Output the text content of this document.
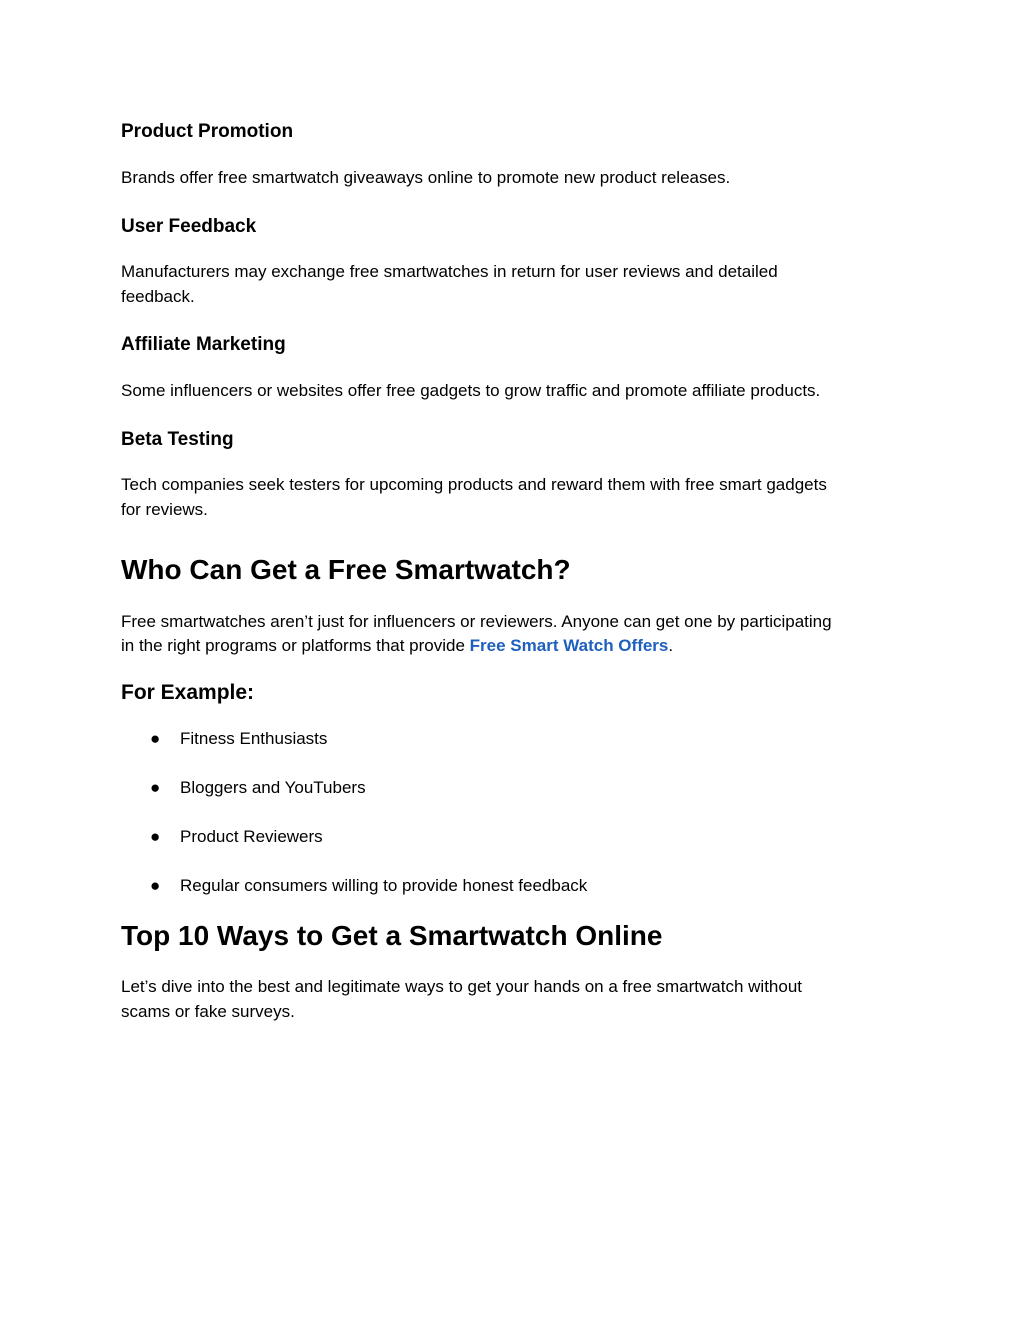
Product Promotion

Brands offer free smartwatch giveaways online to promote new product releases.

User Feedback

Manufacturers may exchange free smartwatches in return for user reviews and detailed

feedback.

Affiliate Marketing

Some influencers or websites offer free gadgets to grow traffic and promote affiliate products.

Beta Testing

Tech companies seek testers for upcoming products and reward them with free smart gadgets

for reviews.

Who Can Get a Free Smartwatch?

Free smartwatches aren’t just for influencers or reviewers. Anyone can get one by participating

in the right programs or platforms that provide Free Smart Watch Offers.

For Example:
● Fitness Enthusiasts
● Bloggers and YouTubers
● Product Reviewers
● Regular consumers willing to provide honest feedback
Top 10 Ways to Get a Smartwatch Online

Let’s dive into the best and legitimate ways to get your hands on a free smartwatch without

scams or fake surveys.
